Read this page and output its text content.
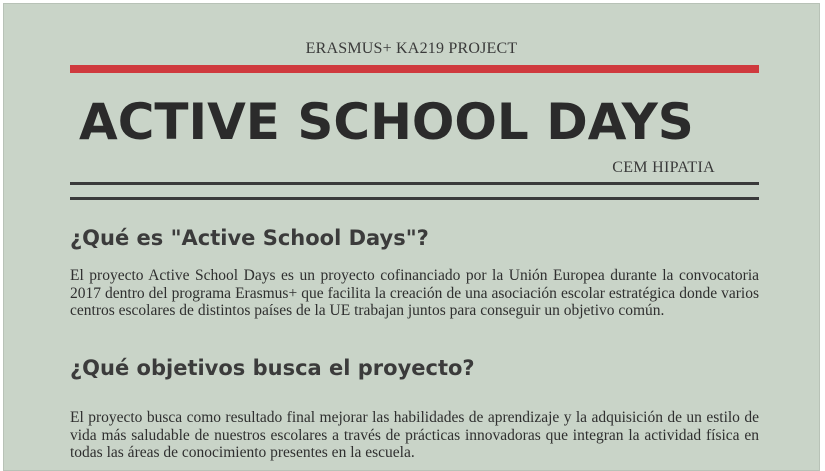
ERASMUS+ KA219 PROJECT
ACTIVE SCHOOL DAYS
CEM HIPATIA
¿Qué es "Active School Days"?
El proyecto Active School Days es un proyecto cofinanciado por la Unión Europea durante la convocatoria 2017 dentro del programa Erasmus+ que facilita la creación de una asociación escolar estratégica donde varios centros escolares de distintos países de la UE trabajan juntos para conseguir un objetivo común.
¿Qué objetivos busca el proyecto?
El proyecto busca como resultado final mejorar las habilidades de aprendizaje y la adquisición de un estilo de vida más saludable de nuestros escolares a través de prácticas innovadoras que integran la actividad física en todas las áreas de conocimiento presentes en la escuela.
